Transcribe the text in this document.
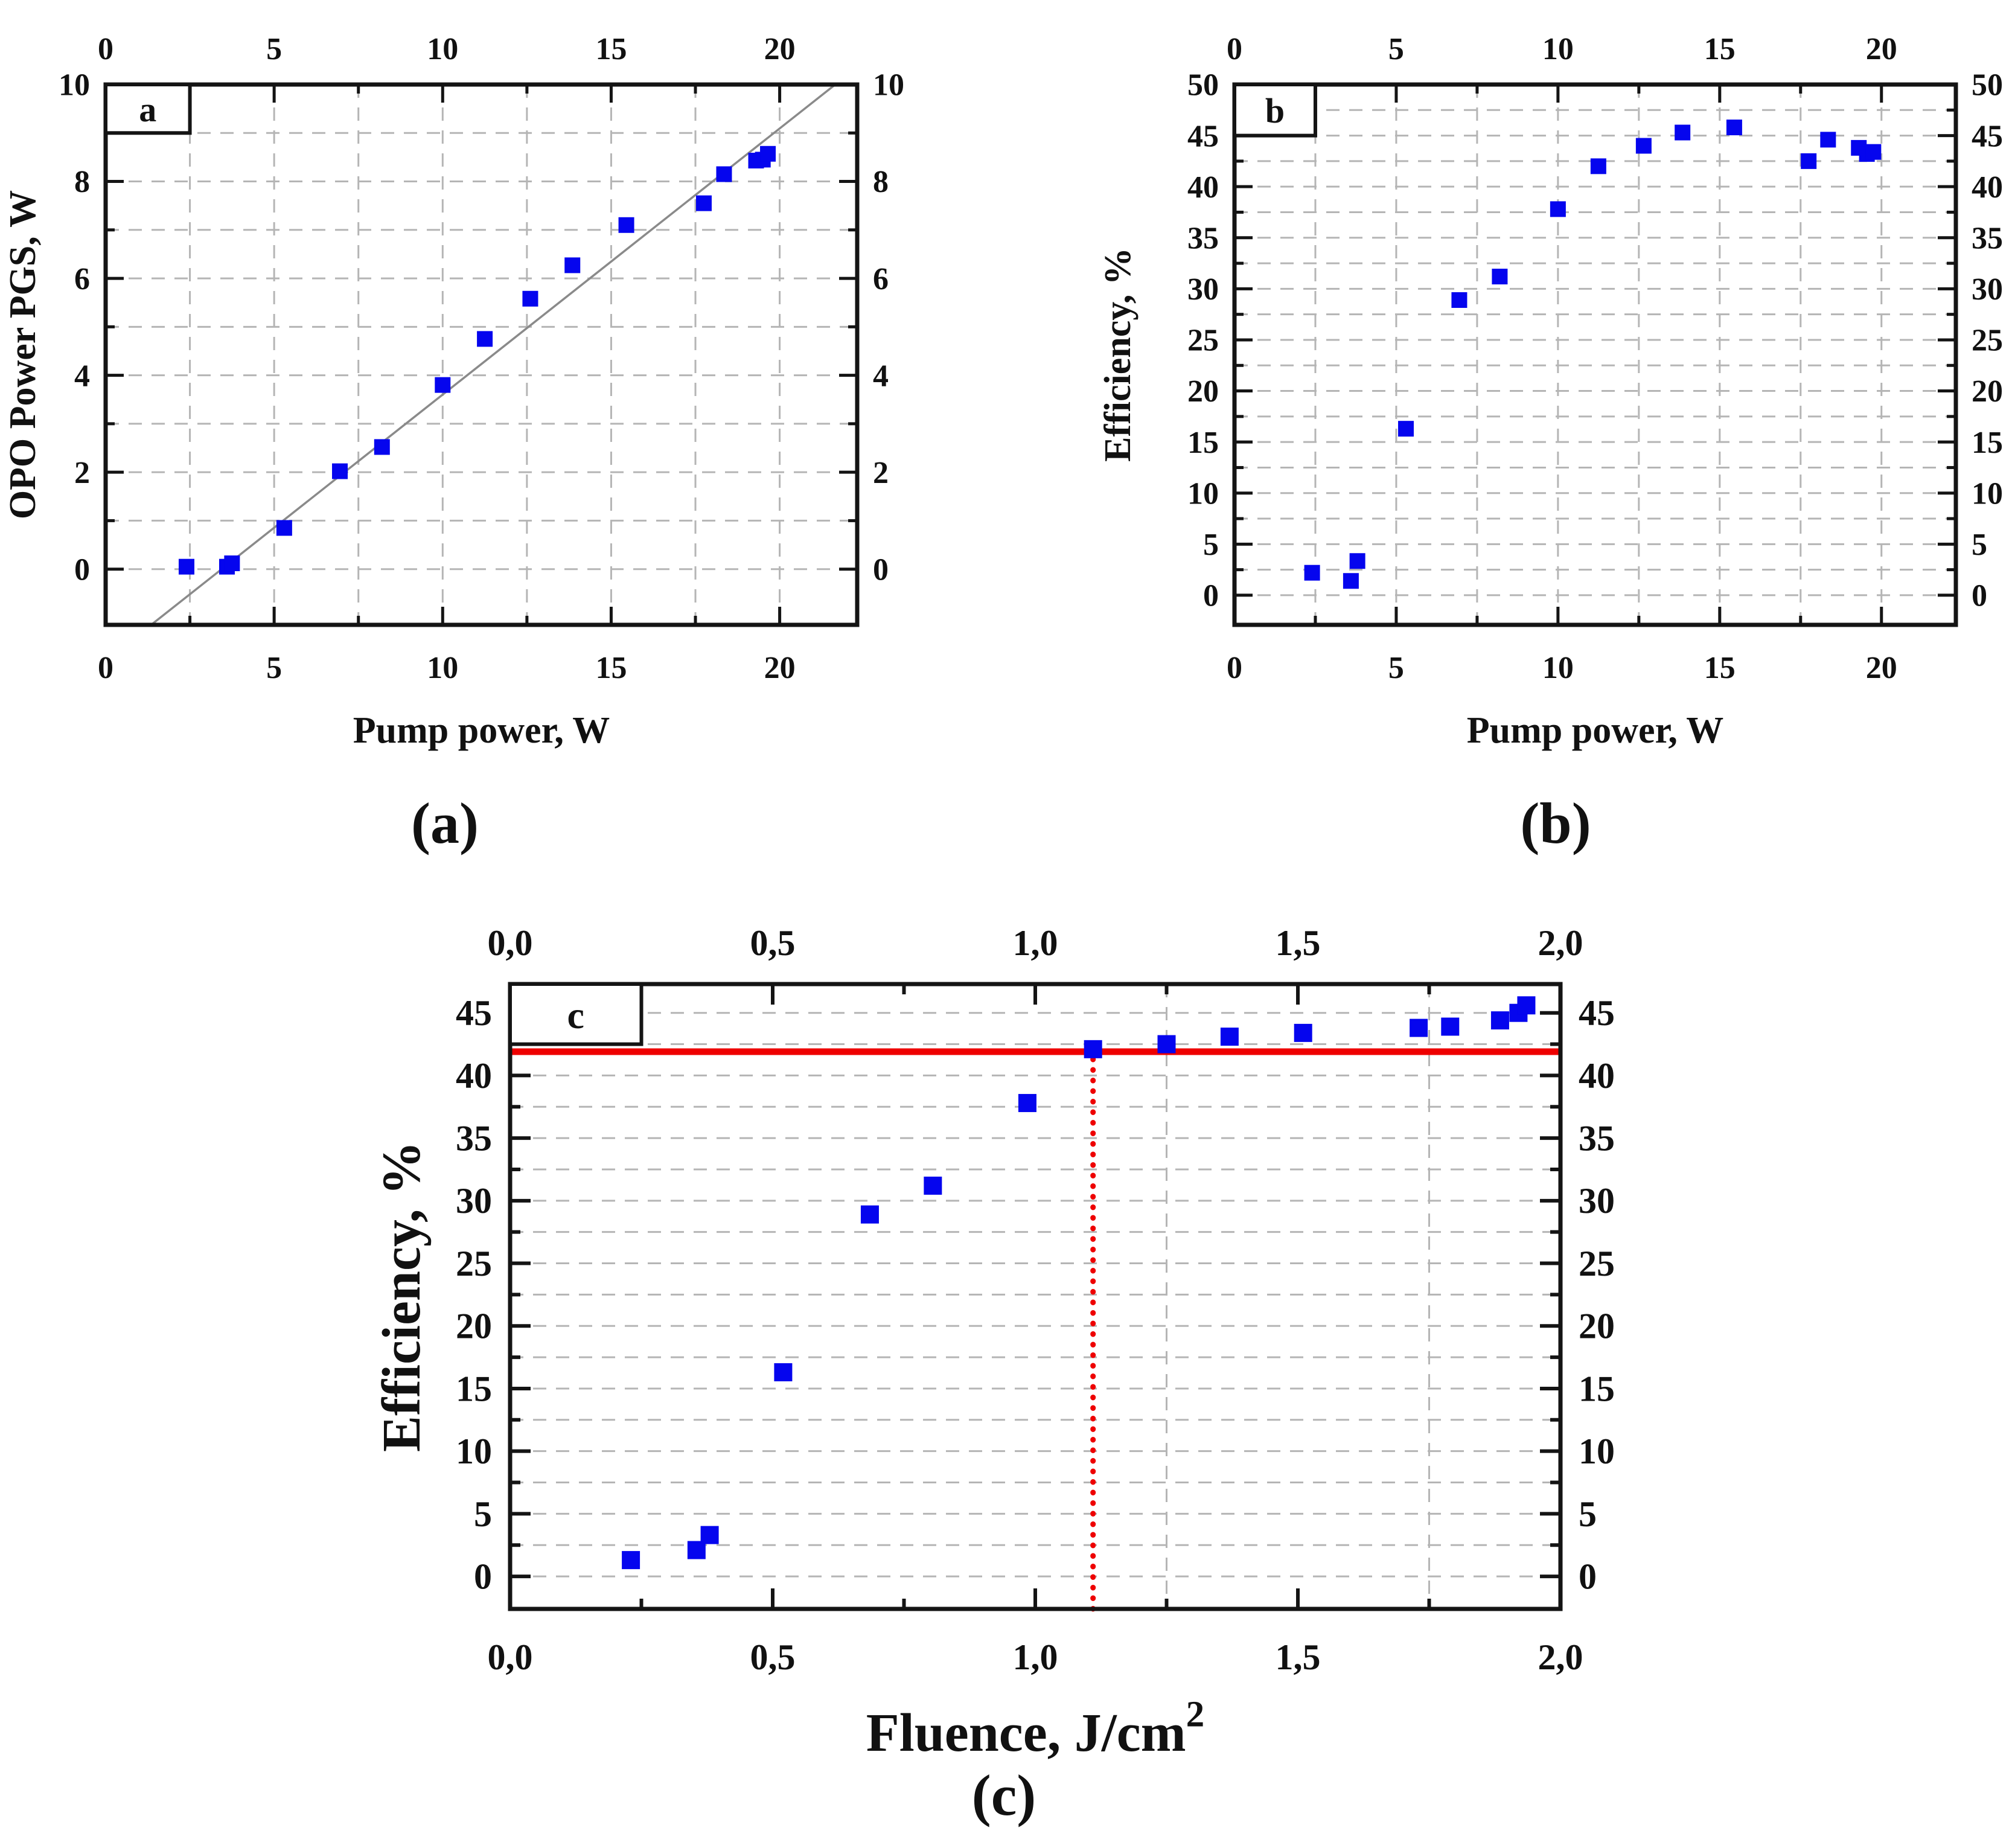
0
0
5
5
10
10
15
15
20
20
0	0
2	2
4	4
6	6
8	8
10	10
a
OPO Power PGS, W
Pump power, W
0
0
5
5
10
10
15
15
20
20
0	0
5	5
10	10
15	15
20	20
25	25
30	30
35	35
40	40
45	45
50	50
b
Efficiency, %
Pump power, W
0,0
0,0
0,5
0,5
1,0
1,0
1,5
1,5
2,0
2,0
0	0
5	5
10	10
15	15
20	20
25	25
30	30
35	35
40	40
45	45
c
Efficiency, %
Fluence, $J/cm^2$
(a)	(b)
(c)
